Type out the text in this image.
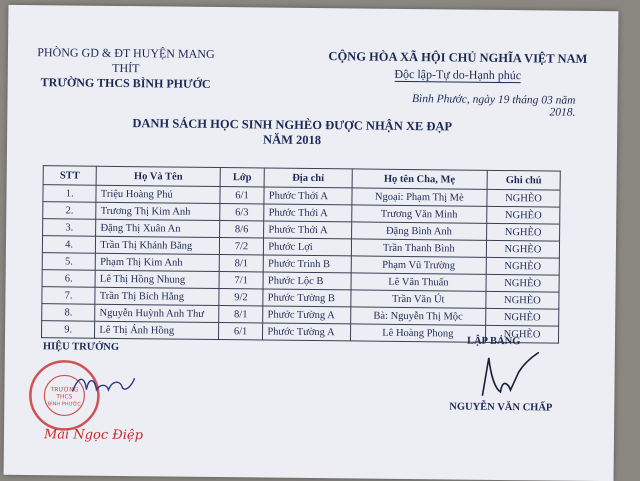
PHÒNG GD & ĐT HUYỆN MANG THÍT
TRƯỜNG THCS BÌNH PHƯỚC
CỘNG HÒA XÃ HỘI CHỦ NGHĨA VIỆT NAM
Độc lập-Tự do-Hạnh phúc
Bình Phước, ngày 19 tháng 03 năm 2018.
DANH SÁCH HỌC SINH NGHÈO ĐƯỢC NHẬN XE ĐẠP
NĂM 2018
STT	Họ Và Tên	Lớp	Địa chỉ	Họ tên Cha, Mẹ	Ghi chú
1.	Triệu Hoàng Phú	6/1	Phước Thới A	Ngoại: Phạm Thị Mè	NGHÈO
2.	Trương Thị Kim Anh	6/3	Phước Thới A	Trương Văn Minh	NGHÈO
3.	Đặng Thị Xuân An	8/6	Phước Thới A	Đặng Bình Anh	NGHÈO
4.	Trần Thị Khánh Băng	7/2	Phước Lợi	Trần Thanh Bình	NGHÈO
5.	Phạm Thị Kim Anh	8/1	Phước Trinh B	Phạm Vũ Trường	NGHÈO
6.	Lê Thị Hồng Nhung	7/1	Phước Lộc B	Lê Văn Thuấn	NGHÈO
7.	Trần Thị Bích Hằng	9/2	Phước Tường B	Trần Văn Út	NGHÈO
8.	Nguyễn Huỳnh Anh Thư	8/1	Phước Tường A	Bà: Nguyễn Thị Mộc	NGHÈO
9.	Lê Thị Ánh Hồng	6/1	Phước Tường A	Lê Hoàng Phong	NGHÈO
HIỆU TRƯỞNG
TRƯỜNG
THCS
BÌNH PHƯỚC
Mai Ngọc Điệp
LẬP BẢNG
NGUYỄN VĂN CHẤP
